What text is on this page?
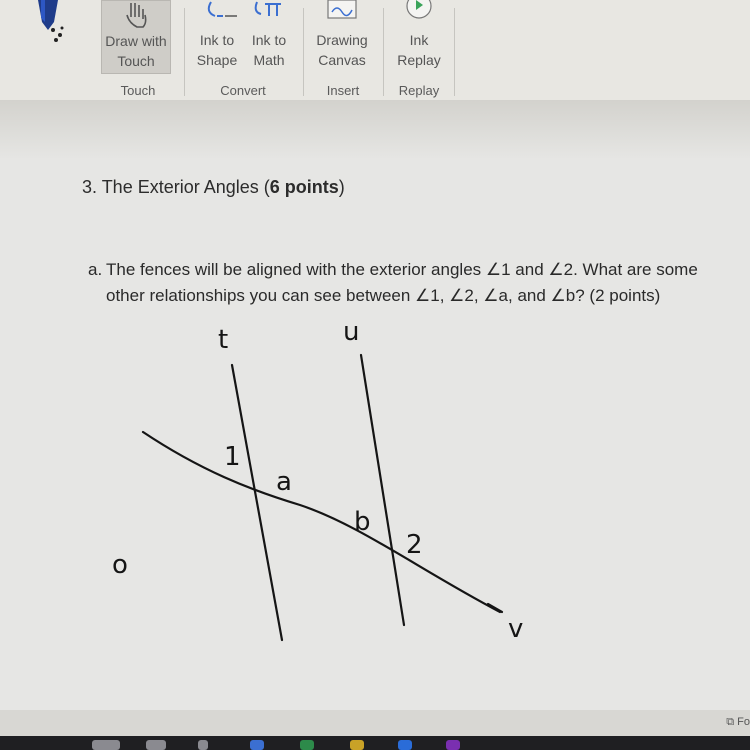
Draw with
Touch
Touch
Ink to
Shape
Ink to
Math
Convert
Drawing
Canvas
Insert
Ink
Replay
Replay
3. The Exterior Angles (6 points)
a. The fences will be aligned with the exterior angles ∠1 and ∠2. What are some other relationships you can see between ∠1, ∠2, ∠a, and ∠b? (2 points)
t	u
1
a
b
2
v
o
⧉ Fo
